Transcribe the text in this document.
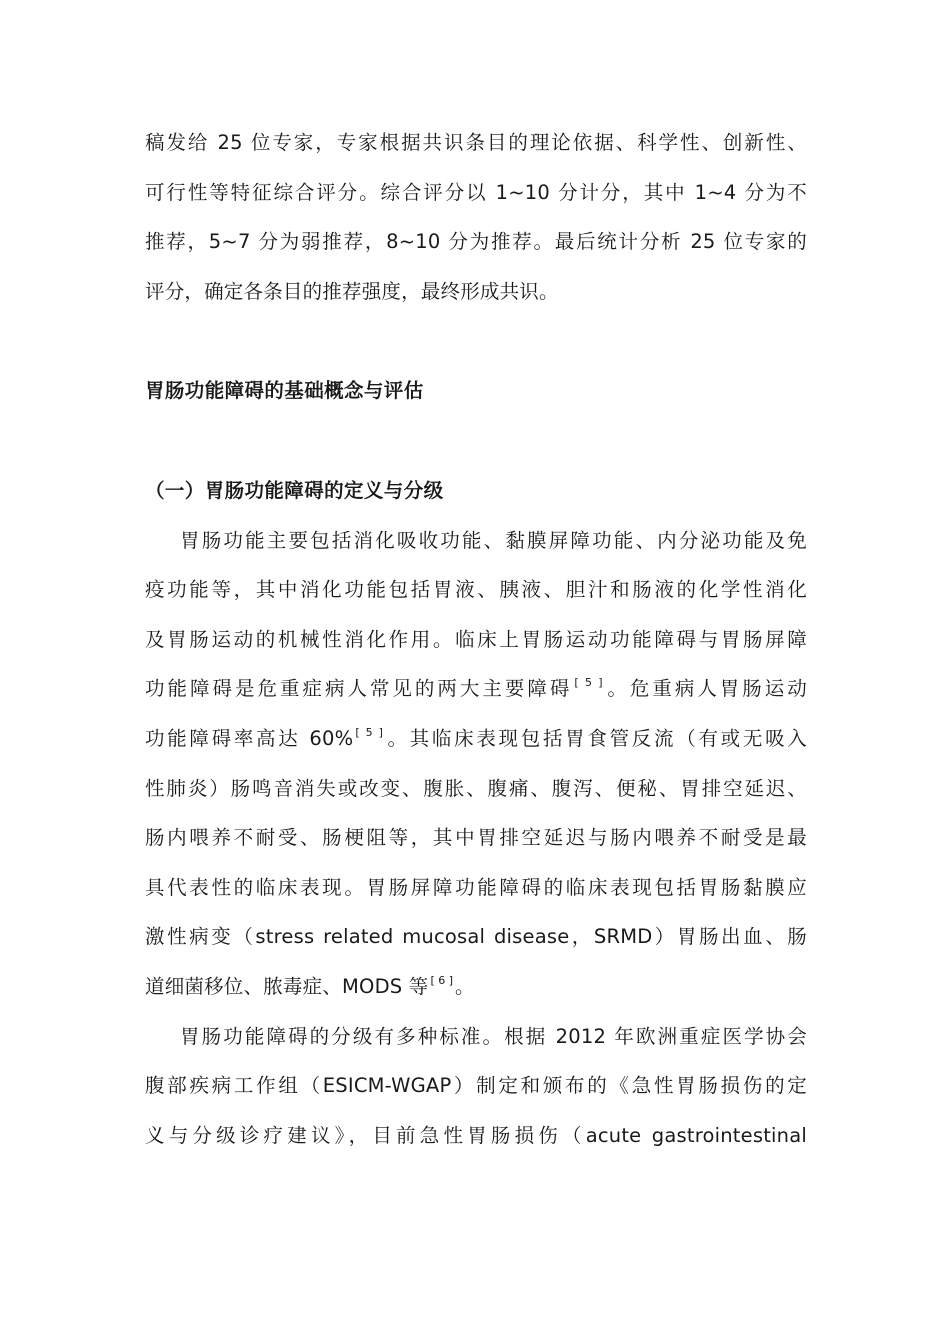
稿发给 25 位专家，专家根据共识条目的理论依据、科学性、创新性、

可行性等特征综合评分。综合评分以 1~10 分计分，其中 1~4 分为不

推荐，5~7 分为弱推荐，8~10 分为推荐。最后统计分析 25 位专家的

评分，确定各条目的推荐强度，最终形成共识。

胃肠功能障碍的基础概念与评估
（一）胃肠功能障碍的定义与分级

胃肠功能主要包括消化吸收功能、黏膜屏障功能、内分泌功能及免

疫功能等，其中消化功能包括胃液、胰液、胆汁和肠液的化学性消化

及胃肠运动的机械性消化作用。临床上胃肠运动功能障碍与胃肠屏障

功能障碍是危重症病人常见的两大主要障碍 [ 5 ] 。危重病人胃肠运动

功能障碍率高达 60% [ 5 ] 。其临床表现包括胃食管反流（有或无吸入

性肺炎）肠鸣音消失或改变、腹胀、腹痛、腹泻、便秘、胃排空延迟、

肠内喂养不耐受、肠梗阻等，其中胃排空延迟与肠内喂养不耐受是最

具代表性的临床表现。胃肠屏障功能障碍的临床表现包括胃肠黏膜应

激性病变（stress related mucosal disease，SRMD）胃肠出血、肠

道细菌移位、脓毒症、MODS 等 [ 6 ] 。

胃肠功能障碍的分级有多种标准。根据 2012 年欧洲重症医学协会

腹部疾病工作组（ESICM-WGAP）制定和颁布的《急性胃肠损伤的定

义与分级诊疗建议》，目前急性胃肠损伤（acute gastrointestinal
